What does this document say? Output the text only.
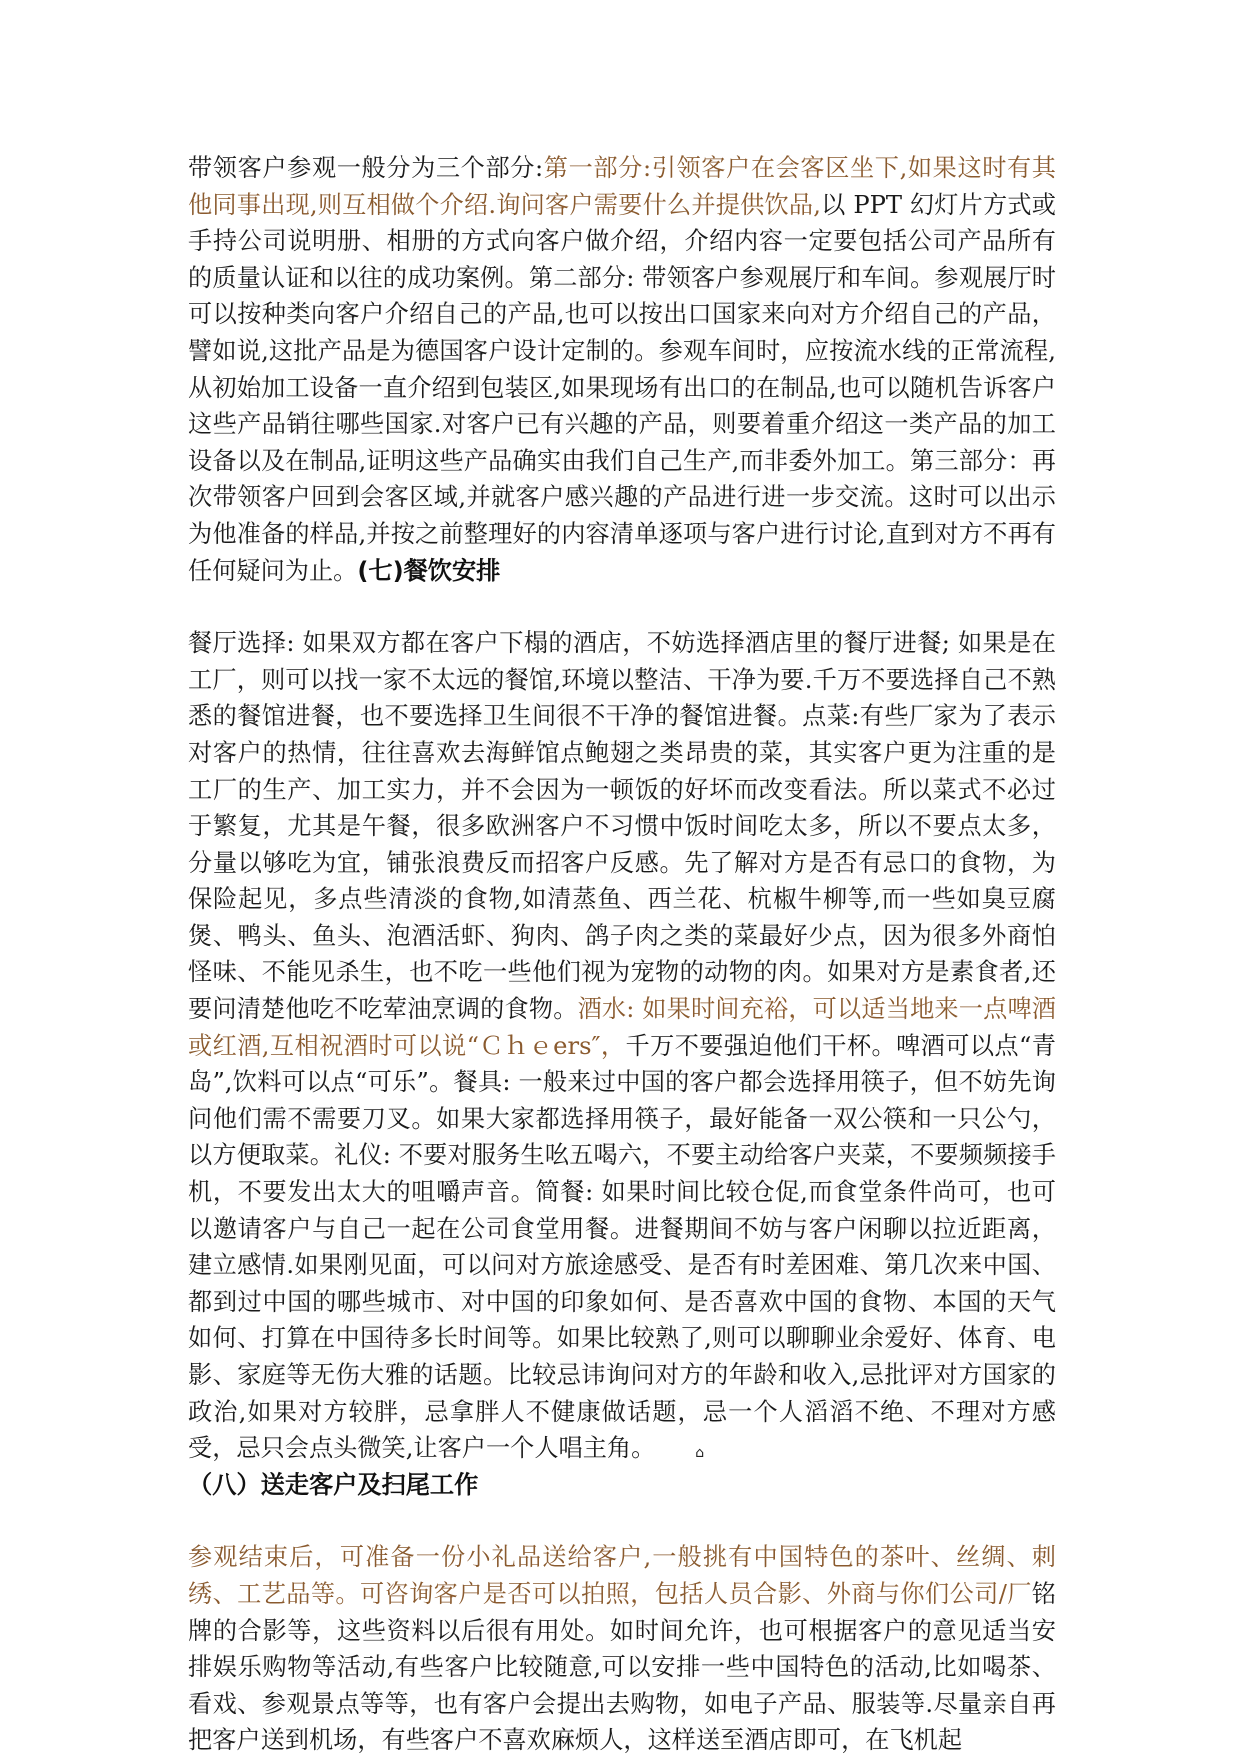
带领客户参观一般分为三个部分:第一部分:引领客户在会客区坐下,如果这时有其他同事出现,则互相做个介绍.询问客户需要什么并提供饮品,以 PPT 幻灯片方式或手持公司说明册、相册的方式向客户做介绍，介绍内容一定要包括公司产品所有的质量认证和以往的成功案例。第二部分: 带领客户参观展厅和车间。参观展厅时可以按种类向客户介绍自己的产品,也可以按出口国家来向对方介绍自己的产品，譬如说,这批产品是为德国客户设计定制的。参观车间时，应按流水线的正常流程,从初始加工设备一直介绍到包装区,如果现场有出口的在制品,也可以随机告诉客户这些产品销往哪些国家.对客户已有兴趣的产品，则要着重介绍这一类产品的加工设备以及在制品,证明这些产品确实由我们自己生产,而非委外加工。第三部分：再次带领客户回到会客区域,并就客户感兴趣的产品进行进一步交流。这时可以出示为他准备的样品,并按之前整理好的内容清单逐项与客户进行讨论,直到对方不再有任何疑问为止。(七)餐饮安排

餐厅选择: 如果双方都在客户下榻的酒店，不妨选择酒店里的餐厅进餐; 如果是在工厂，则可以找一家不太远的餐馆,环境以整洁、干净为要.千万不要选择自己不熟悉的餐馆进餐，也不要选择卫生间很不干净的餐馆进餐。点菜:有些厂家为了表示对客户的热情，往往喜欢去海鲜馆点鲍翅之类昂贵的菜，其实客户更为注重的是工厂的生产、加工实力，并不会因为一顿饭的好坏而改变看法。所以菜式不必过于繁复，尤其是午餐，很多欧洲客户不习惯中饭时间吃太多，所以不要点太多，分量以够吃为宜，铺张浪费反而招客户反感。先了解对方是否有忌口的食物，为保险起见，多点些清淡的食物,如清蒸鱼、西兰花、杭椒牛柳等,而一些如臭豆腐煲、鸭头、鱼头、泡酒活虾、狗肉、鸽子肉之类的菜最好少点，因为很多外商怕怪味、不能见杀生，也不吃一些他们视为宠物的动物的肉。如果对方是素食者,还要问清楚他吃不吃荤油烹调的食物。酒水: 如果时间充裕，可以适当地来一点啤酒或红酒,互相祝酒时可以说“Ｃｈｅers″，千万不要强迫他们干杯。啤酒可以点“青岛”,饮料可以点“可乐”。餐具: 一般来过中国的客户都会选择用筷子，但不妨先询问他们需不需要刀叉。如果大家都选择用筷子，最好能备一双公筷和一只公勺，以方便取菜。礼仪: 不要对服务生吆五喝六，不要主动给客户夹菜，不要频频接手机，不要发出太大的咀嚼声音。简餐: 如果时间比较仓促,而食堂条件尚可，也可以邀请客户与自己一起在公司食堂用餐。进餐期间不妨与客户闲聊以拉近距离， 建立感情.如果刚见面，可以问对方旅途感受、是否有时差困难、第几次来中国、都到过中国的哪些城市、对中国的印象如何、是否喜欢中国的食物、本国的天气如何、打算在中国待多长时间等。如果比较熟了,则可以聊聊业余爱好、体育、电影、家庭等无伤大雅的话题。比较忌讳询问对方的年龄和收入,忌批评对方国家的政治,如果对方较胖，忌拿胖人不健康做话题，忌一个人滔滔不绝、不理对方感受，忌只会点头微笑,让客户一个人唱主角。	⌂
（八）送走客户及扫尾工作

参观结束后，可准备一份小礼品送给客户,一般挑有中国特色的茶叶、丝绸、刺绣、工艺品等。可咨询客户是否可以拍照，包括人员合影、外商与你们公司/厂铭牌的合影等，这些资料以后很有用处。如时间允许，也可根据客户的意见适当安排娱乐购物等活动,有些客户比较随意,可以安排一些中国特色的活动,比如喝茶、看戏、参观景点等等，也有客户会提出去购物，如电子产品、服装等.尽量亲自再把客户送到机场，有些客户不喜欢麻烦人，这样送至酒店即可，在飞机起
